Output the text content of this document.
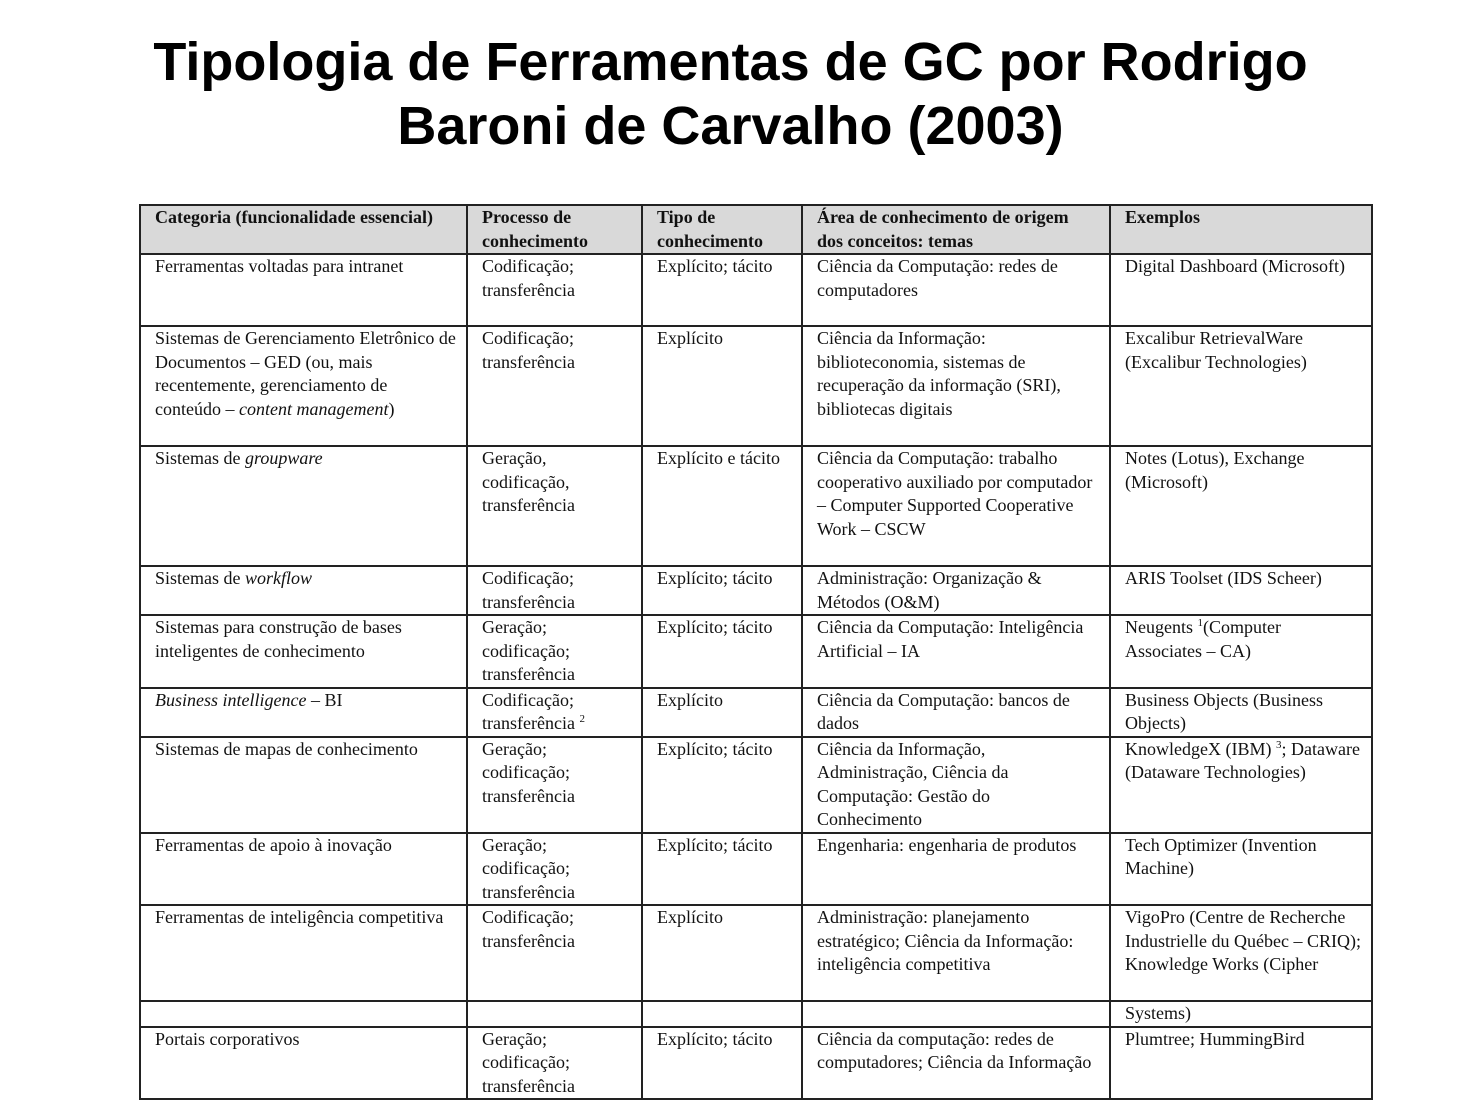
Tipologia de Ferramentas de GC por Rodrigo
Baroni de Carvalho (2003)
Categoria (funcionalidade essencial)	Processo de conhecimento	Tipo de conhecimento	Área de conhecimento de origem dos conceitos: temas	Exemplos
Ferramentas voltadas para intranet	Codificação; transferência	Explícito; tácito	Ciência da Computação: redes de computadores	Digital Dashboard (Microsoft)
Sistemas de Gerenciamento Eletrônico de Documentos – GED (ou, mais recentemente, gerenciamento de conteúdo – content management)	Codificação; transferência	Explícito	Ciência da Informação: biblioteconomia, sistemas de recuperação da informação (SRI), bibliotecas digitais	Excalibur RetrievalWare (Excalibur Technologies)
Sistemas de groupware	Geração, codificação, transferência	Explícito e tácito	Ciência da Computação: trabalho cooperativo auxiliado por computador – Computer Supported Cooperative Work – CSCW	Notes (Lotus), Exchange (Microsoft)
Sistemas de workflow	Codificação; transferência	Explícito; tácito	Administração: Organização & Métodos (O&M)	ARIS Toolset (IDS Scheer)
Sistemas para construção de bases inteligentes de conhecimento	Geração; codificação; transferência	Explícito; tácito	Ciência da Computação: Inteligência Artificial – IA	Neugents $^1$(Computer Associates – CA)
Business intelligence – BI	Codificação; transferência $^2$	Explícito	Ciência da Computação: bancos de dados	Business Objects (Business Objects)
Sistemas de mapas de conhecimento	Geração; codificação; transferência	Explícito; tácito	Ciência da Informação, Administração, Ciência da Computação: Gestão do Conhecimento	KnowledgeX (IBM) $^3$; Dataware (Dataware Technologies)
Ferramentas de apoio à inovação	Geração; codificação; transferência	Explícito; tácito	Engenharia: engenharia de produtos	Tech Optimizer (Invention Machine)
Ferramentas de inteligência competitiva	Codificação; transferência	Explícito	Administração: planejamento estratégico; Ciência da Informação: inteligência competitiva	VigoPro (Centre de Recherche Industrielle du Québec – CRIQ); Knowledge Works (Cipher
				Systems)
Portais corporativos	Geração; codificação; transferência	Explícito; tácito	Ciência da computação: redes de computadores; Ciência da Informação	Plumtree; HummingBird
